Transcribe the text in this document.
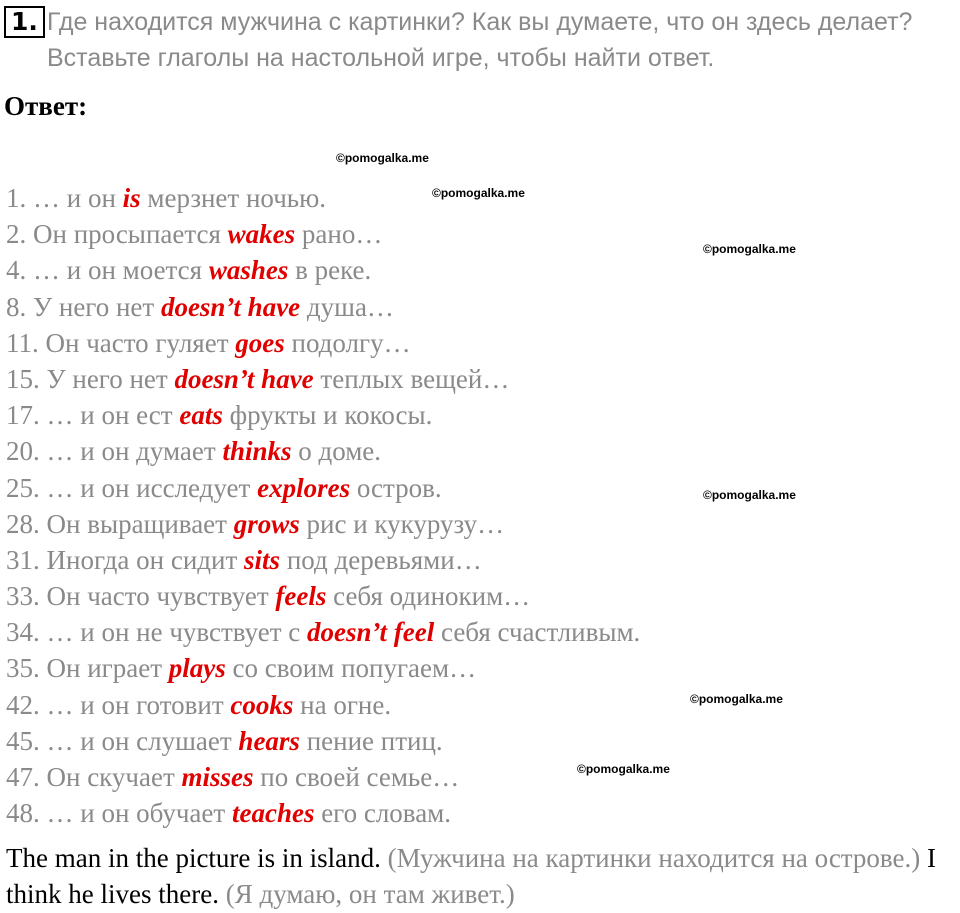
1. Где находится мужчина с картинки? Как вы думаете, что он здесь делает? Вставьте глаголы на настольной игре, чтобы найти ответ.
Ответ:
©pomogalka.me
©pomogalka.me
©pomogalka.me
©pomogalka.me
©pomogalka.me
©pomogalka.me
1. … и он is мерзнет ночью.
2. Он просыпается wakes рано…
4. … и он моется washes в реке.
8. У него нет doesn’t have душа…
11. Он часто гуляет goes подолгу…
15. У него нет doesn’t have теплых вещей…
17. … и он ест eats фрукты и кокосы.
20. … и он думает thinks о доме.
25. … и он исследует explores остров.
28. Он выращивает grows рис и кукурузу…
31. Иногда он сидит sits под деревьями…
33. Он часто чувствует feels себя одиноким…
34. … и он не чувствует с doesn’t feel себя счастливым.
35. Он играет plays со своим попугаем…
42. … и он готовит cooks на огне.
45. … и он слушает hears пение птиц.
47. Он скучает misses по своей семье…
48. … и он обучает teaches его словам.
The man in the picture is in island. (Мужчина на картинки находится на острове.) I think he lives there. (Я думаю, он там живет.)
